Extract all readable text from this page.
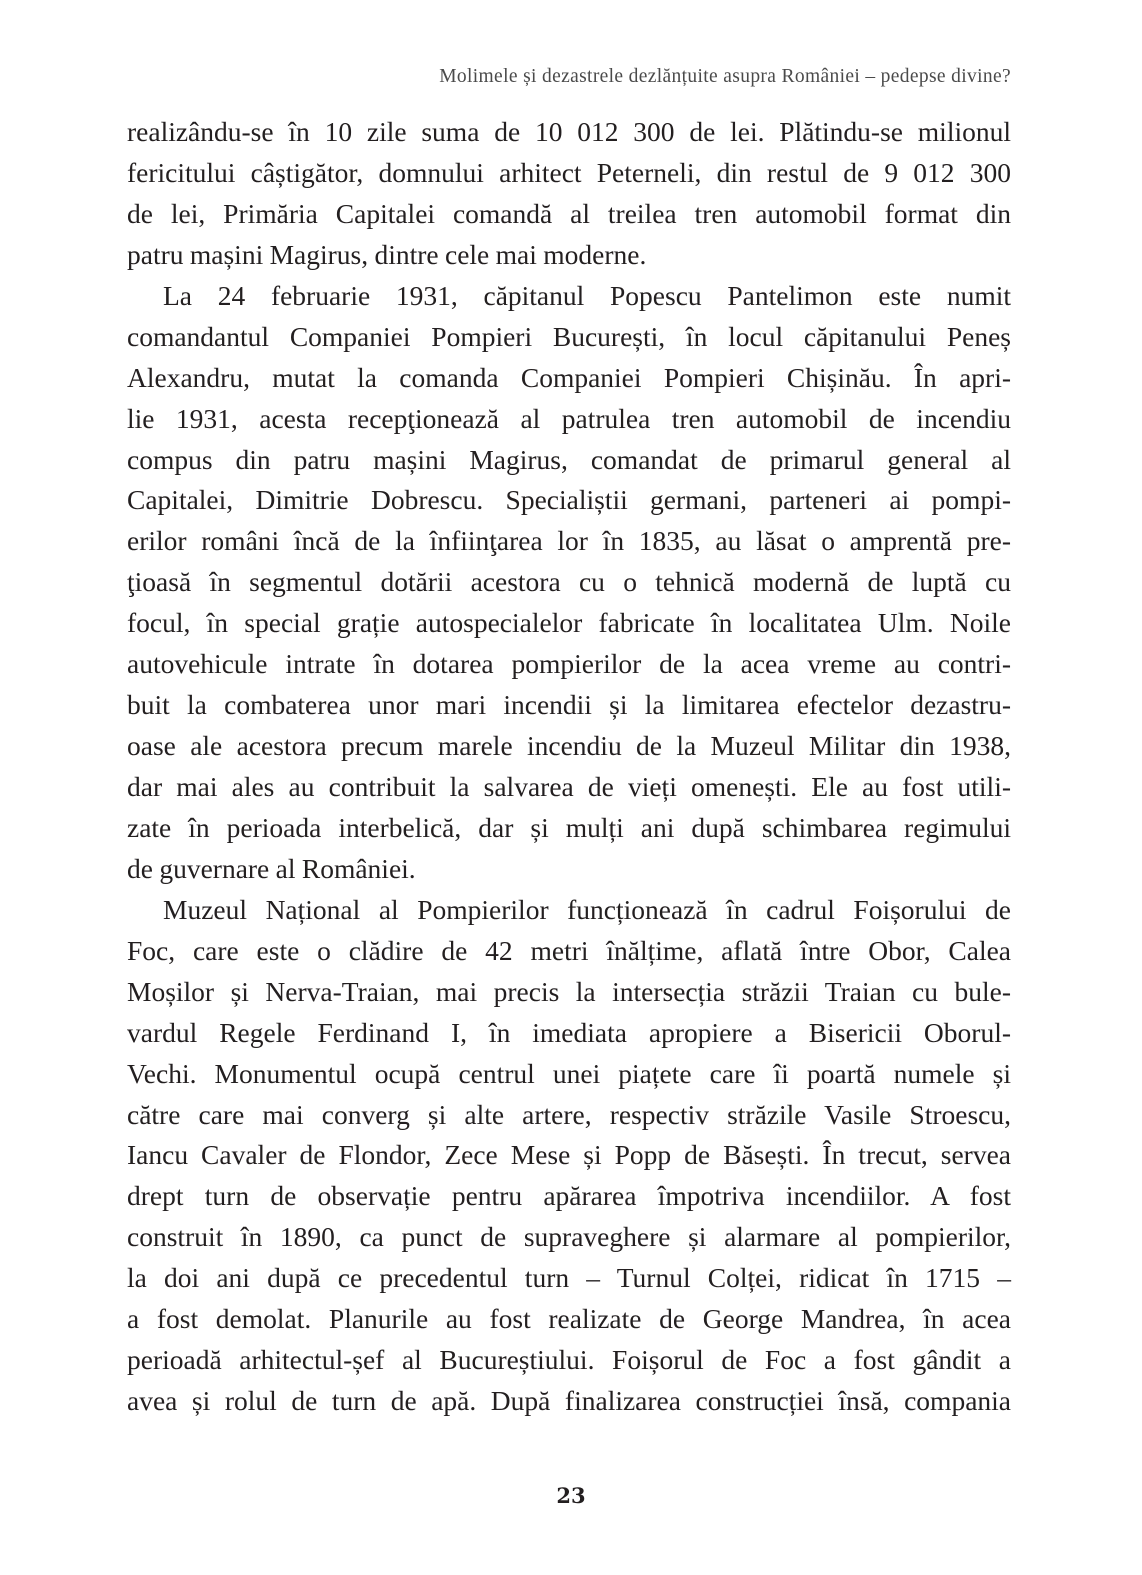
Molimele și dezastrele dezlănțuite asupra României – pedepse divine?
realizându-se în 10 zile suma de 10 012 300 de lei. Plătindu-se milionul
fericitului câștigător, domnului arhitect Peterneli, din restul de 9 012 300
de lei, Primăria Capitalei comandă al treilea tren automobil format din
patru mașini Magirus, dintre cele mai moderne.
La 24 februarie 1931, căpitanul Popescu Pantelimon este numit
comandantul Companiei Pompieri București, în locul căpitanului Peneș
Alexandru, mutat la comanda Companiei Pompieri Chișinău. În apri-
lie 1931, acesta recepţionează al patrulea tren automobil de incendiu
compus din patru mașini Magirus, comandat de primarul general al
Capitalei, Dimitrie Dobrescu. Specialiștii germani, parteneri ai pompi-
erilor români încă de la înfiinţarea lor în 1835, au lăsat o amprentă pre-
ţioasă în segmentul dotării acestora cu o tehnică modernă de luptă cu
focul, în special grație autospecialelor fabricate în localitatea Ulm. Noile
autovehicule intrate în dotarea pompierilor de la acea vreme au contri-
buit la combaterea unor mari incendii și la limitarea efectelor dezastru-
oase ale acestora precum marele incendiu de la Muzeul Militar din 1938,
dar mai ales au contribuit la salvarea de vieți omenești. Ele au fost utili-
zate în perioada interbelică, dar și mulți ani după schimbarea regimului
de guvernare al României.
Muzeul Național al Pompierilor funcționează în cadrul Foișorului de
Foc, care este o clădire de 42 metri înălțime, aflată între Obor, Calea
Moșilor și Nerva-Traian, mai precis la intersecția străzii Traian cu bule-
vardul Regele Ferdinand I, în imediata apropiere a Bisericii Oborul-
Vechi. Monumentul ocupă centrul unei piațete care îi poartă numele și
către care mai converg și alte artere, respectiv străzile Vasile Stroescu,
Iancu Cavaler de Flondor, Zece Mese și Popp de Băsești. În trecut, servea
drept turn de observație pentru apărarea împotriva incendiilor. A fost
construit în 1890, ca punct de supraveghere și alarmare al pompierilor,
la doi ani după ce precedentul turn – Turnul Colței, ridicat în 1715 –
a fost demolat. Planurile au fost realizate de George Mandrea, în acea
perioadă arhitectul-șef al Bucureștiului. Foișorul de Foc a fost gândit a
avea și rolul de turn de apă. După finalizarea construcției însă, compania
23
